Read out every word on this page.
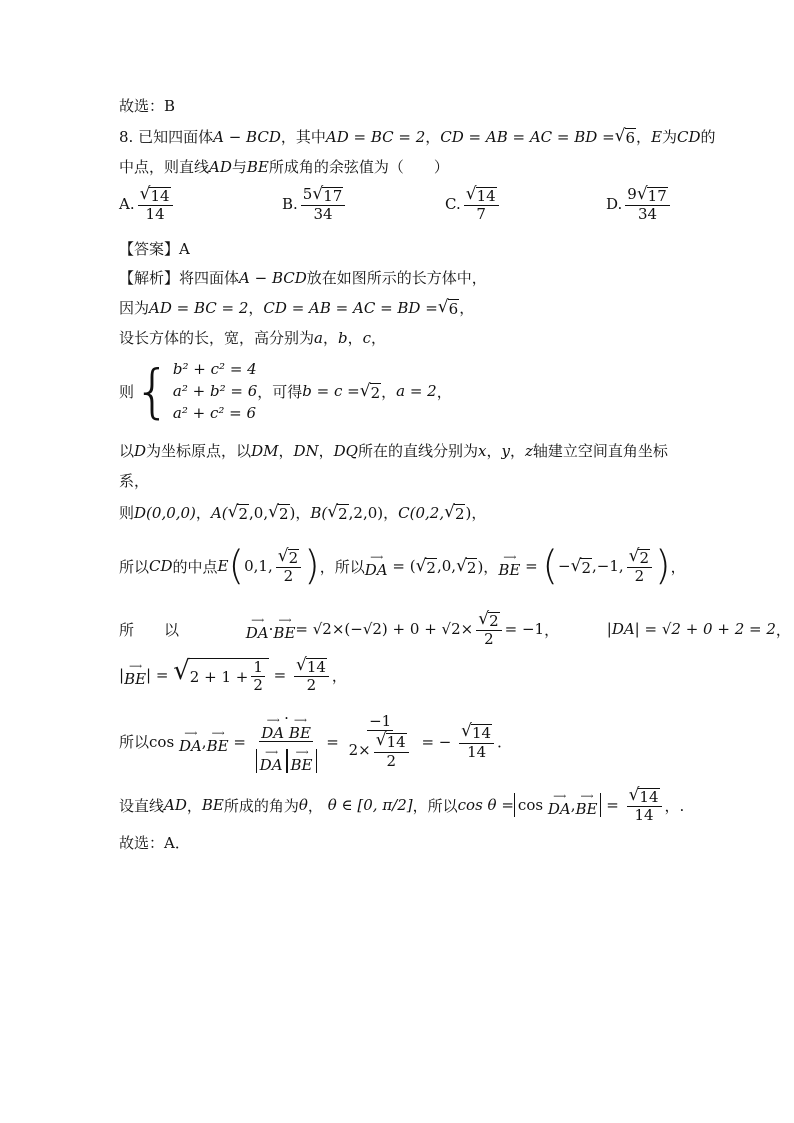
故选：B
8.
已知四面体 A − BCD ，其中 AD = BC = 2 ， CD = AB = AC = BD = √ 6 ， E 为 CD 的
中点，则直线 AD 与 BE 所成角的余弦值为（　　）
A. $\frac{√ 14}{14}$	B. $\frac{5 √ 17}{34}$	C. $\frac{√ 14}{7}$	D. $\frac{9 √ 17}{34}$
【答案】 A
【解析】 将四面体 A − BCD 放在如图所示的长方体中，
因为 AD = BC = 2 ， CD = AB = AC = BD = √ 6 ，
设长方体的长，宽，高分别为 a ， b ， c ，
则 { b² + c² = 4
a² + b² = 6
a² + c² = 6
，可得 b = c = √ 2 ， a = 2 ，
以 D 为坐标原点，以 DM ， DN ， DQ 所在的直线分别为 x ， y ， z 轴建立空间直角坐标
系，
则 D(0,0,0) ， A( √ 2 ,0, √ 2 ) ， B( √ 2 ,2,0) ， C(0,2, √ 2 ) ，
所以 CD 的中点 E ( 0,1, $\frac{√ 2}{2}$ ) ，所以 ⟶
DA = ( √ 2 ,0, √ 2 )， ⟶
BE = ( − √ 2 ,−1, $\frac{√ 2}{2}$ ) ，
所　　以
	⟶
DA · ⟶
BE = $√2\times(-√2) + 0 + √2\times \frac{√ 2}{2} = -1$ ，
	|DA| = √2 + 0 + 2 = 2 ，
| ⟶
BE | = √ $2 + 1 + \frac{1}{2} = \frac{√ 14}{2}$ ，
所以 cos
⟶
DA , ⟶
BE = ⟶
DA
· ⟶
BE
⟶
DA
⟶
BE = $\frac{-1}{2\times \frac{√ 14}{2}}$ = − $\frac{√ 14}{14}$ ．
设直线 AD ， BE 所成的角为 θ ，
θ ∈ [0, π/2] ，所以 cos θ = cos ⟶
DA , ⟶
BE = $\frac{√ 14}{14}$ ，.
故选：A．
